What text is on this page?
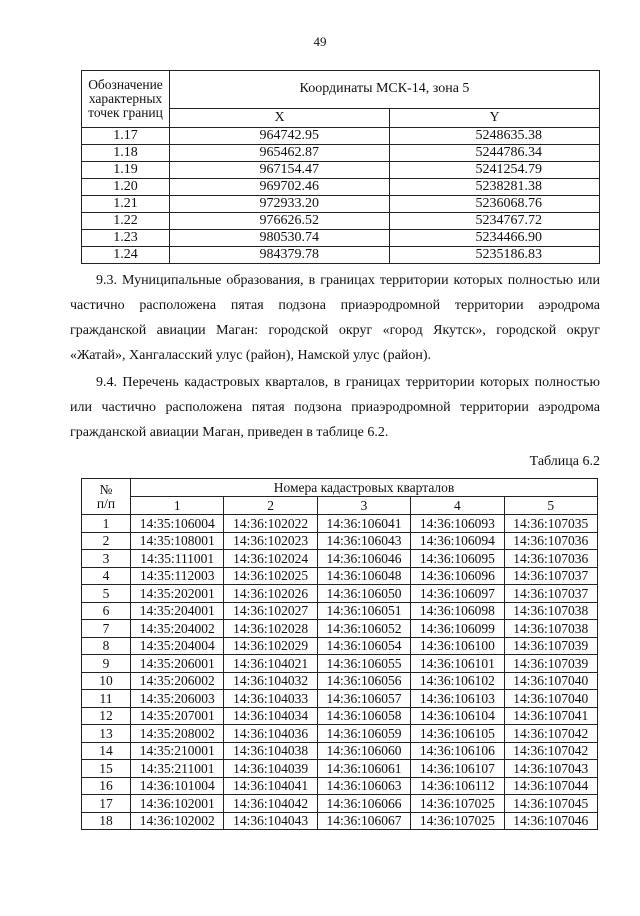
49
Обозначение характерных точек границ	Координаты МСК-14, зона 5	
	X	Y
1.17	964742.95	5248635.38
1.18	965462.87	5244786.34
1.19	967154.47	5241254.79
1.20	969702.46	5238281.38
1.21	972933.20	5236068.76
1.22	976626.52	5234767.72
1.23	980530.74	5234466.90
1.24	984379.78	5235186.83

9.3. Муниципальные образования, в границах территории которых полностью или
частично расположена пятая подзона приаэродромной территории аэродрома
гражданской авиации Маган: городской округ «город Якутск», городской округ
«Жатай», Хангаласский улус (район), Намской улус (район).

9.4. Перечень кадастровых кварталов, в границах территории которых полностью
или частично расположена пятая подзона приаэродромной территории аэродрома
гражданской авиации Маган, приведен в таблице 6.2.

Таблица 6.2
№
п/п	Номера кадастровых кварталов				
	1	2	3	4	5
1	14:35:106004	14:36:102022	14:36:106041	14:36:106093	14:36:107035
2	14:35:108001	14:36:102023	14:36:106043	14:36:106094	14:36:107036
3	14:35:111001	14:36:102024	14:36:106046	14:36:106095	14:36:107036
4	14:35:112003	14:36:102025	14:36:106048	14:36:106096	14:36:107037
5	14:35:202001	14:36:102026	14:36:106050	14:36:106097	14:36:107037
6	14:35:204001	14:36:102027	14:36:106051	14:36:106098	14:36:107038
7	14:35:204002	14:36:102028	14:36:106052	14:36:106099	14:36:107038
8	14:35:204004	14:36:102029	14:36:106054	14:36:106100	14:36:107039
9	14:35:206001	14:36:104021	14:36:106055	14:36:106101	14:36:107039
10	14:35:206002	14:36:104032	14:36:106056	14:36:106102	14:36:107040
11	14:35:206003	14:36:104033	14:36:106057	14:36:106103	14:36:107040
12	14:35:207001	14:36:104034	14:36:106058	14:36:106104	14:36:107041
13	14:35:208002	14:36:104036	14:36:106059	14:36:106105	14:36:107042
14	14:35:210001	14:36:104038	14:36:106060	14:36:106106	14:36:107042
15	14:35:211001	14:36:104039	14:36:106061	14:36:106107	14:36:107043
16	14:36:101004	14:36:104041	14:36:106063	14:36:106112	14:36:107044
17	14:36:102001	14:36:104042	14:36:106066	14:36:107025	14:36:107045
18	14:36:102002	14:36:104043	14:36:106067	14:36:107025	14:36:107046
